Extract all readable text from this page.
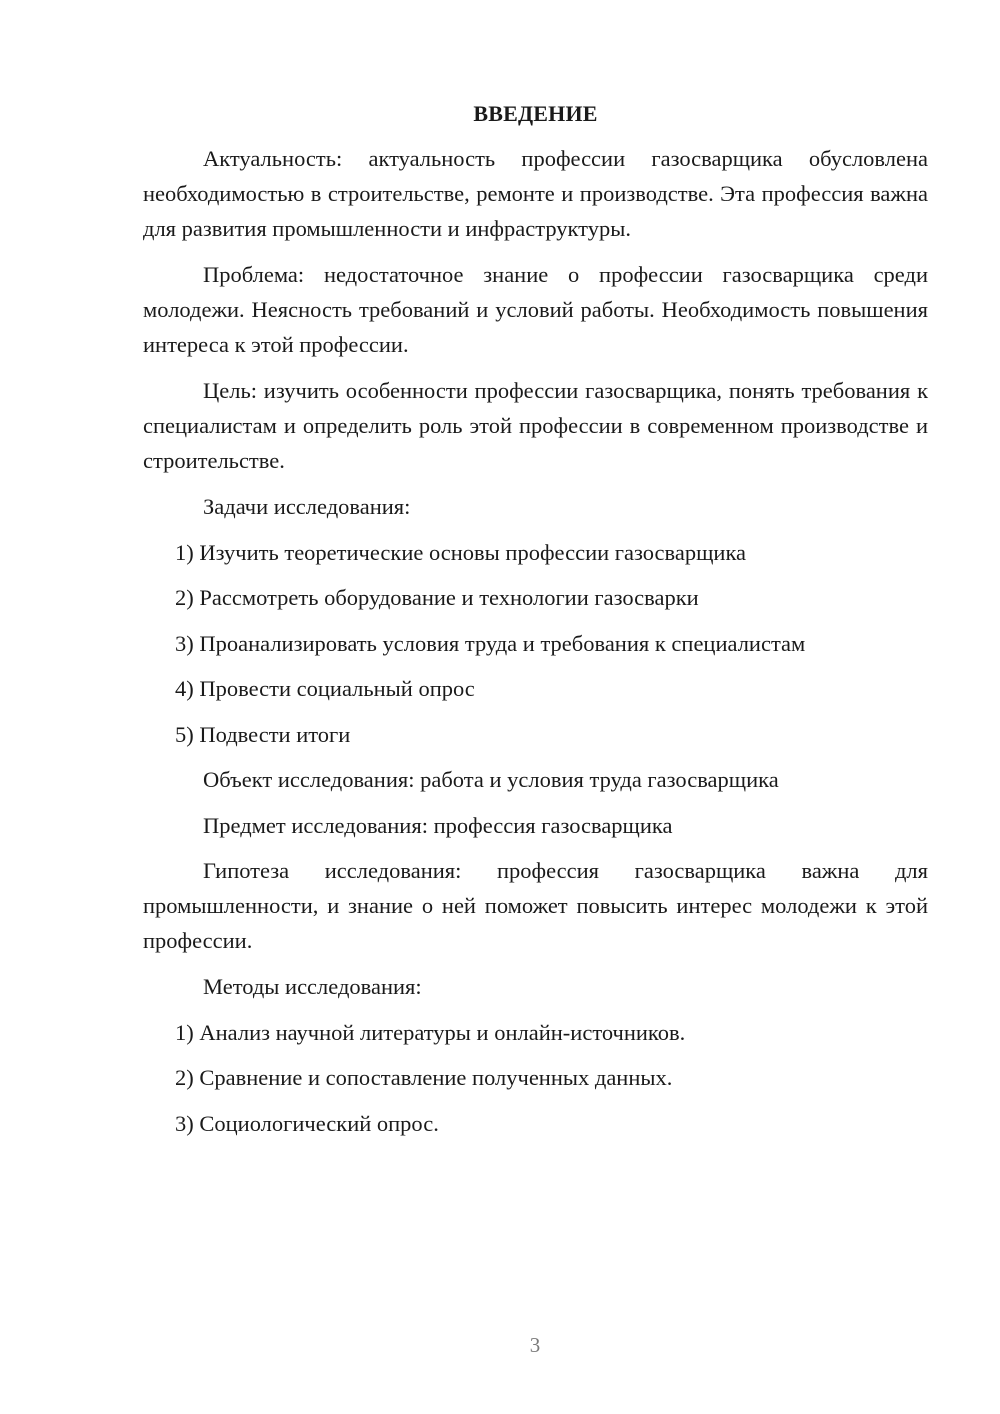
ВВЕДЕНИЕ
Актуальность: актуальность профессии газосварщика обусловлена необходимостью в строительстве, ремонте и производстве. Эта профессия важна для развития промышленности и инфраструктуры.
Проблема: недостаточное знание о профессии газосварщика среди молодежи. Неясность требований и условий работы. Необходимость повышения интереса к этой профессии.
Цель: изучить особенности профессии газосварщика, понять требования к специалистам и определить роль этой профессии в современном производстве и строительстве.
Задачи исследования:
1) Изучить теоретические основы профессии газосварщика
2) Рассмотреть оборудование и технологии газосварки
3) Проанализировать условия труда и требования к специалистам
4) Провести социальный опрос
5) Подвести итоги
Объект исследования: работа и условия труда газосварщика
Предмет исследования: профессия газосварщика
Гипотеза исследования: профессия газосварщика важна для промышленности, и знание о ней поможет повысить интерес молодежи к этой профессии.
Методы исследования:
1) Анализ научной литературы и онлайн-источников.
2) Сравнение и сопоставление полученных данных.
3) Социологический опрос.
3
